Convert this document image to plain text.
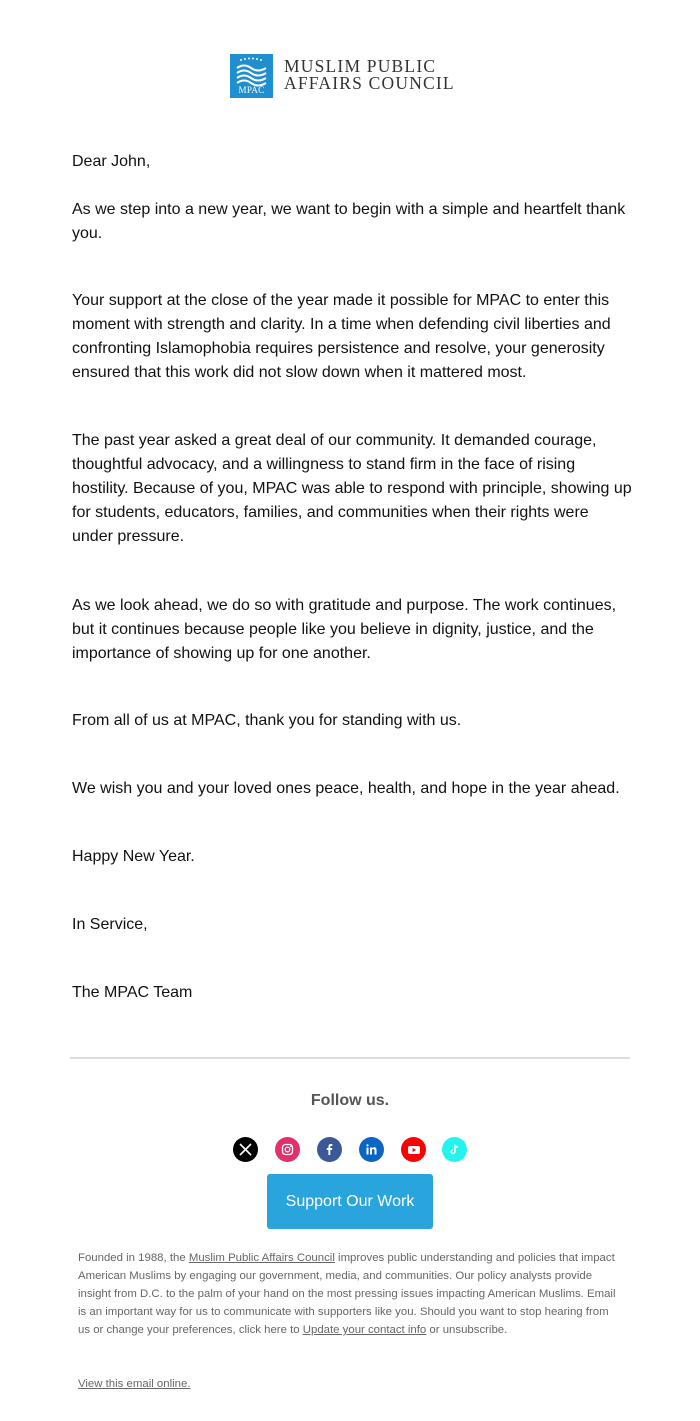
MPAC
MUSLIM PUBLIC
AFFAIRS COUNCIL

Dear John,

As we step into a new year, we want to begin with a simple and heartfelt thank you.

Your support at the close of the year made it possible for MPAC to enter this moment with strength and clarity. In a time when defending civil liberties and confronting Islamophobia requires persistence and resolve, your generosity ensured that this work did not slow down when it mattered most.

The past year asked a great deal of our community. It demanded courage, thoughtful advocacy, and a willingness to stand firm in the face of rising hostility. Because of you, MPAC was able to respond with principle, showing up for students, educators, families, and communities when their rights were under pressure.

As we look ahead, we do so with gratitude and purpose. The work continues, but it continues because people like you believe in dignity, justice, and the importance of showing up for one another.

From all of us at MPAC, thank you for standing with us.

We wish you and your loved ones peace, health, and hope in the year ahead.

Happy New Year.

In Service,

The MPAC Team

Follow us.
Support Our Work
Founded in 1988, the Muslim Public Affairs Council improves public understanding and policies that impact American Muslims by engaging our government, media, and communities. Our policy analysts provide insight from D.C. to the palm of your hand on the most pressing issues impacting American Muslims. Email is an important way for us to communicate with supporters like you. Should you want to stop hearing from us or change your preferences, click here to Update your contact info or unsubscribe.
View this email online.
